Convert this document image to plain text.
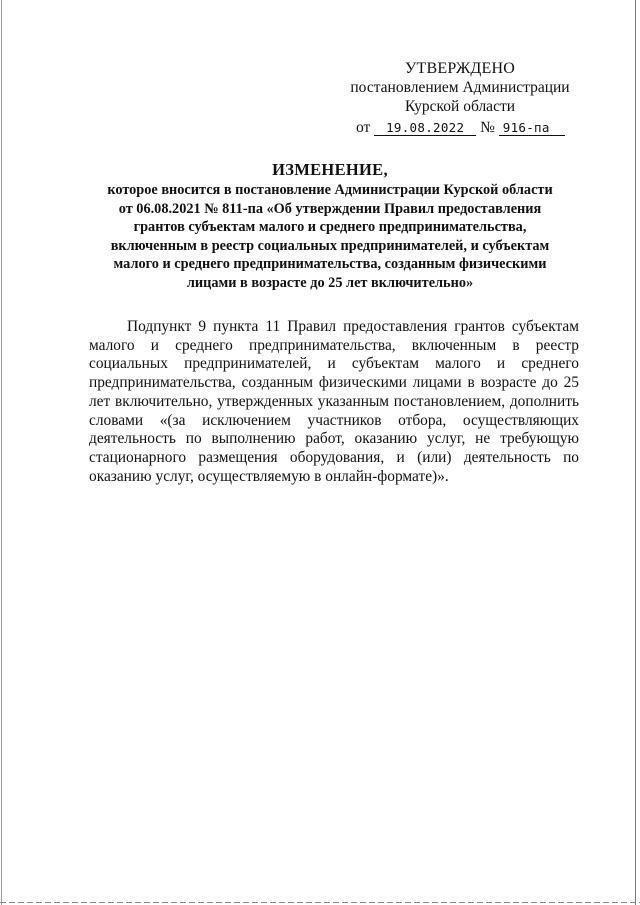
УТВЕРЖДЕНО
постановлением Администрации
Курской области
от 19.08.2022 № 916-па
ИЗМЕНЕНИЕ,
которое вносится в постановление Администрации Курской области
от 06.08.2021 № 811-па «Об утверждении Правил предоставления
грантов субъектам малого и среднего предпринимательства,
включенным в реестр социальных предпринимателей, и субъектам
малого и среднего предпринимательства, созданным физическими
лицами в возрасте до 25 лет включительно»

Подпункт 9 пункта 11 Правил предоставления грантов субъектам малого и среднего предпринимательства, включенным в реестр социальных предпринимателей, и субъектам малого и среднего предпринимательства, созданным физическими лицами в возрасте до 25 лет включительно, утвержденных указанным постановлением, дополнить словами «(за исключением участников отбора, осуществляющих деятельность по выполнению работ, оказанию услуг, не требующую стационарного размещения оборудования, и (или) деятельность по оказанию услуг, осуществляемую в онлайн-формате)».
